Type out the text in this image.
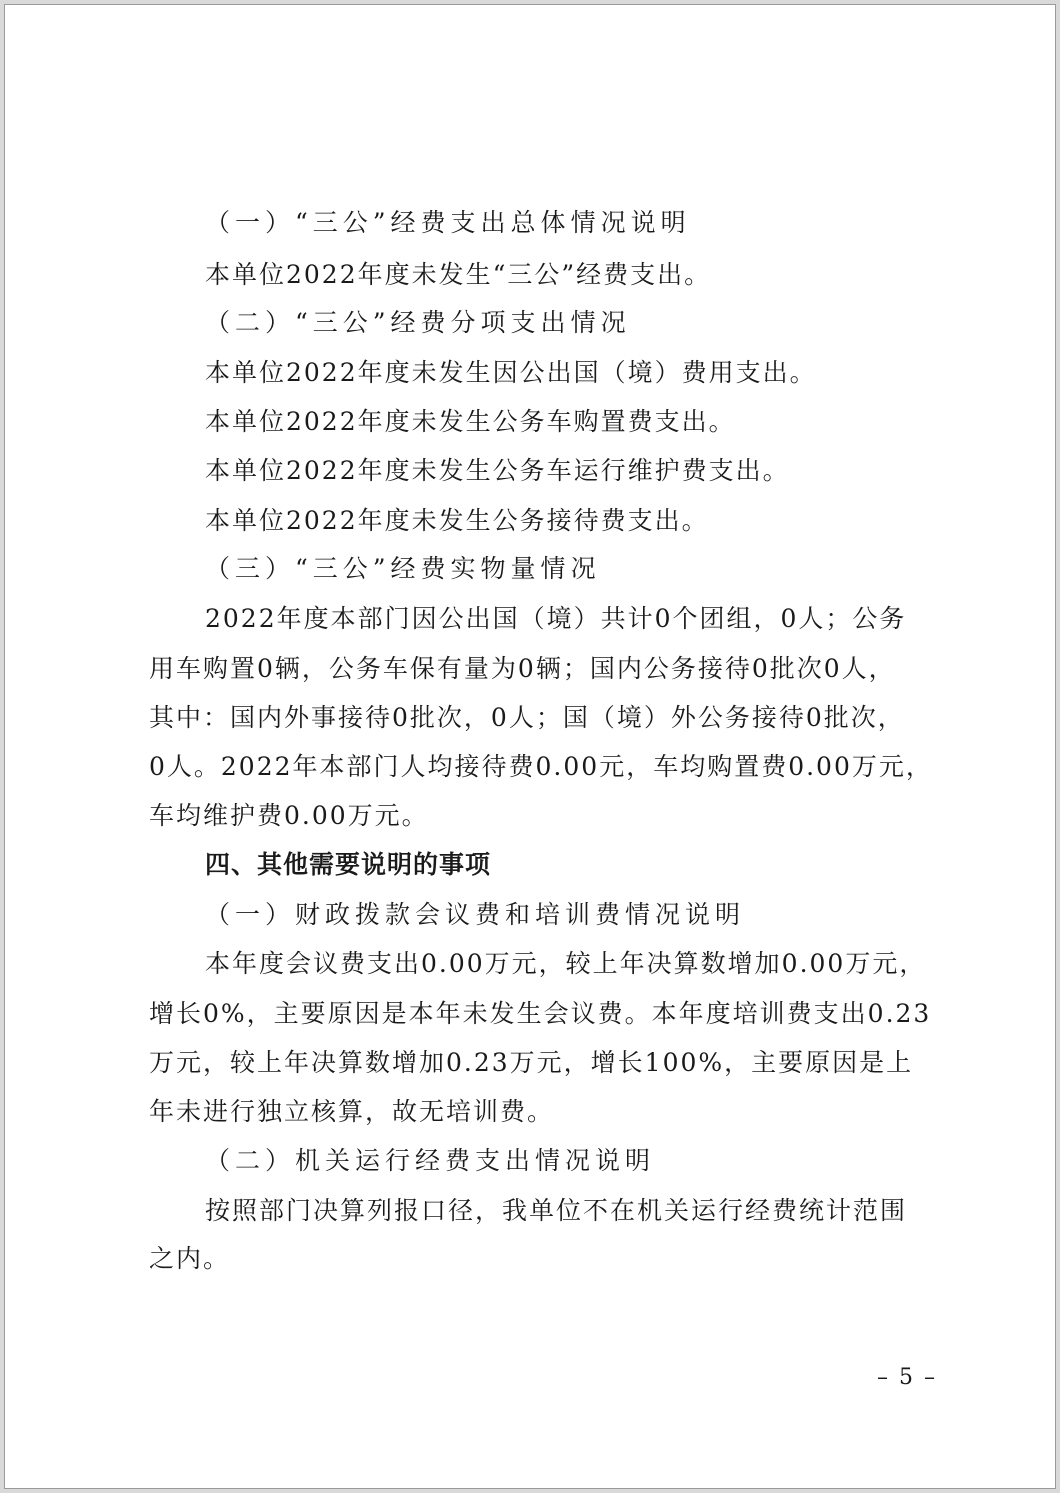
（一）“三公”经费支出总体情况说明
本单位2022年度未发生“三公”经费支出。
（二）“三公”经费分项支出情况
本单位2022年度未发生因公出国（境）费用支出。
本单位2022年度未发生公务车购置费支出。
本单位2022年度未发生公务车运行维护费支出。
本单位2022年度未发生公务接待费支出。
（三）“三公”经费实物量情况
2022年度本部门因公出国（境）共计0个团组，0人；公务
用车购置0辆，公务车保有量为0辆；国内公务接待0批次0人，
其中：国内外事接待0批次，0人；国（境）外公务接待0批次，
0人。2022年本部门人均接待费0.00元，车均购置费0.00万元，
车均维护费0.00万元。
四、其他需要说明的事项
（一）财政拨款会议费和培训费情况说明
本年度会议费支出0.00万元，较上年决算数增加0.00万元，
增长0%，主要原因是本年未发生会议费。本年度培训费支出0.23
万元，较上年决算数增加0.23万元，增长100%，主要原因是上
年未进行独立核算，故无培训费。
（二）机关运行经费支出情况说明
按照部门决算列报口径，我单位不在机关运行经费统计范围
之内。
– 5 –
